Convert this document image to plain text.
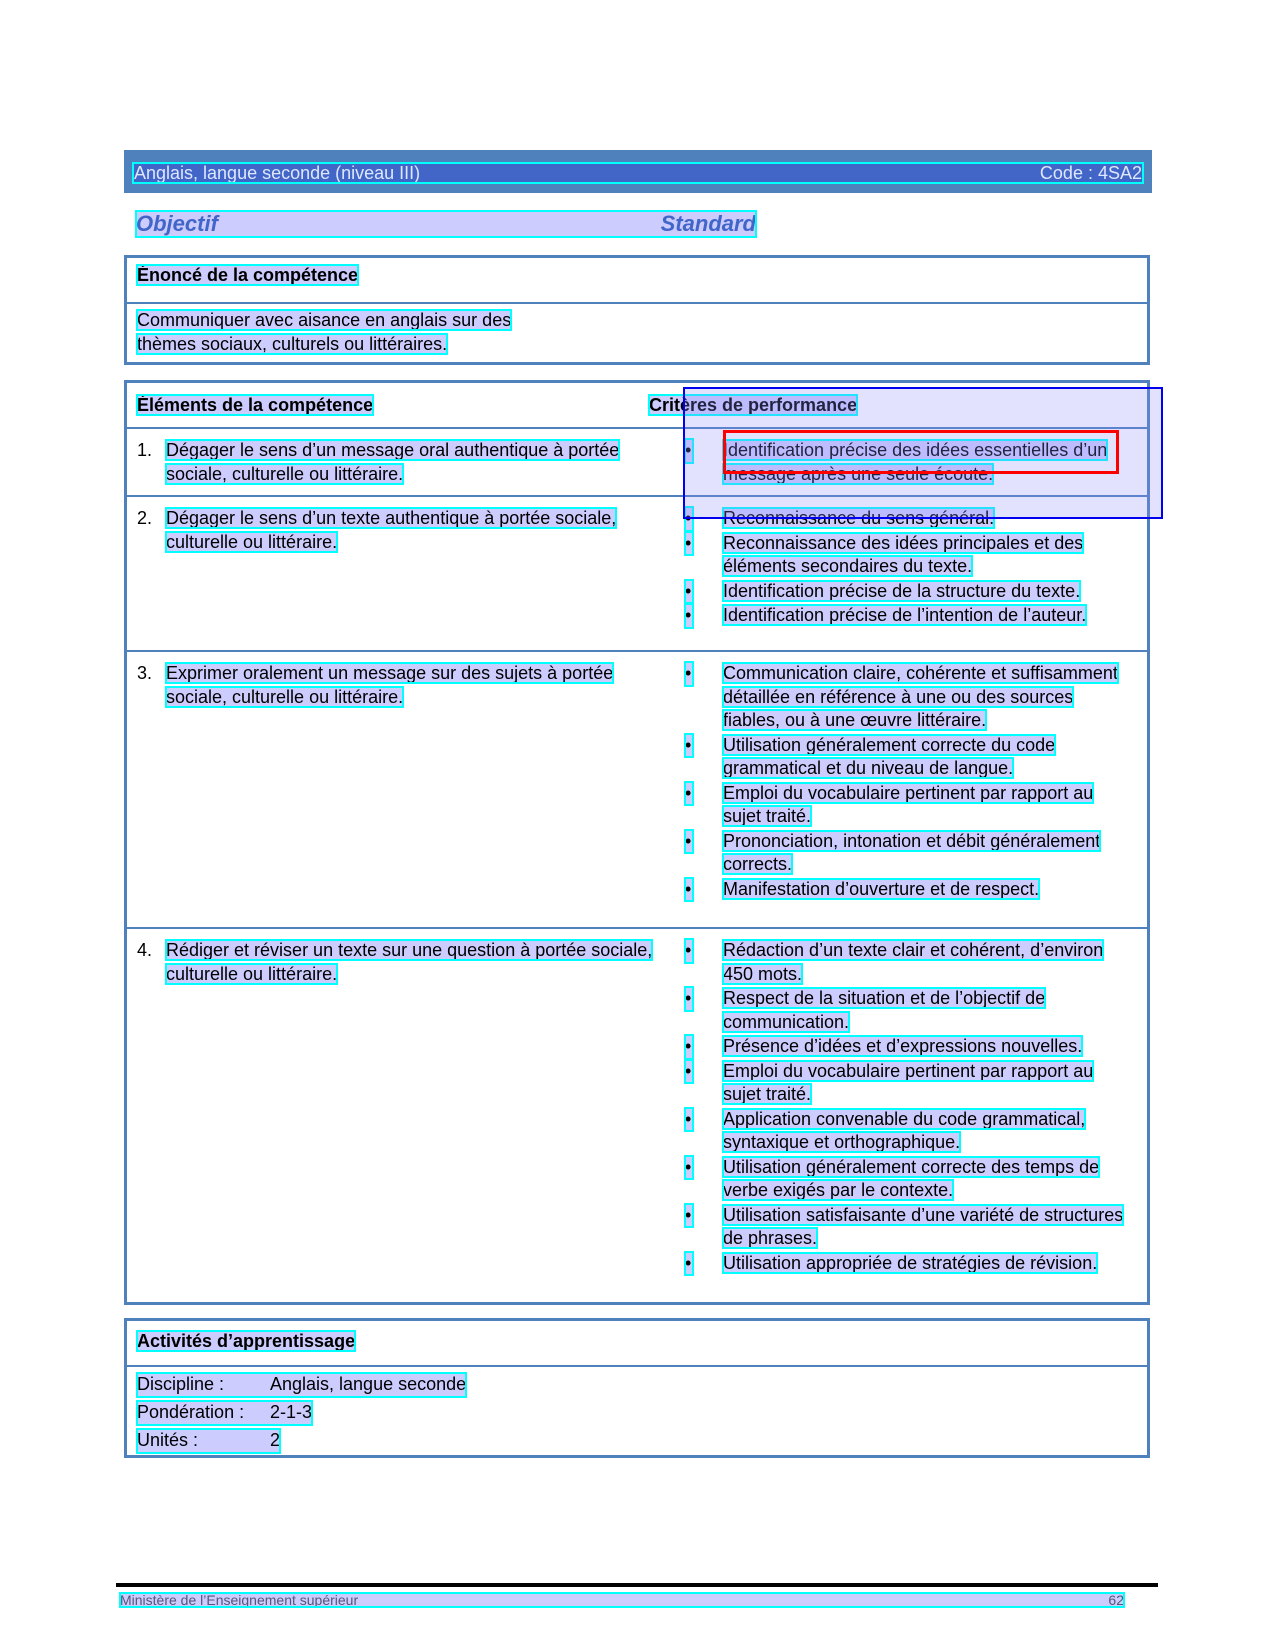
Anglais, langue seconde (niveau III)	Code : 4SA2
Objectif	Standard
Énoncé de la compétence
Communiquer avec aisance en anglais sur des thèmes sociaux, culturels ou littéraires.
Éléments de la compétence	Critères de performance
1. Dégager le sens d’un message oral authentique à portée sociale, culturelle ou littéraire.
• Identification précise des idées essentielles d’un message après une seule écoute.
2. Dégager le sens d’un texte authentique à portée sociale, culturelle ou littéraire.
• Reconnaissance du sens général.
• Reconnaissance des idées principales et des éléments secondaires du texte.
• Identification précise de la structure du texte.
• Identification précise de l’intention de l’auteur.
3. Exprimer oralement un message sur des sujets à portée sociale, culturelle ou littéraire.
• Communication claire, cohérente et suffisamment détaillée en référence à une ou des sources fiables, ou à une œuvre littéraire.
• Utilisation généralement correcte du code grammatical et du niveau de langue.
• Emploi du vocabulaire pertinent par rapport au sujet traité.
• Prononciation, intonation et débit généralement corrects.
• Manifestation d’ouverture et de respect.
4. Rédiger et réviser un texte sur une question à portée sociale, culturelle ou littéraire.
• Rédaction d’un texte clair et cohérent, d’environ 450 mots.
• Respect de la situation et de l’objectif de communication.
• Présence d’idées et d’expressions nouvelles.
• Emploi du vocabulaire pertinent par rapport au sujet traité.
• Application convenable du code grammatical, syntaxique et orthographique.
• Utilisation généralement correcte des temps de verbe exigés par le contexte.
• Utilisation satisfaisante d’une variété de structures de phrases.
• Utilisation appropriée de stratégies de révision.
Activités d’apprentissage
Discipline :	Anglais, langue seconde
Pondération :	2-1-3
Unités :	2
Ministère de l’Enseignement supérieur	62
